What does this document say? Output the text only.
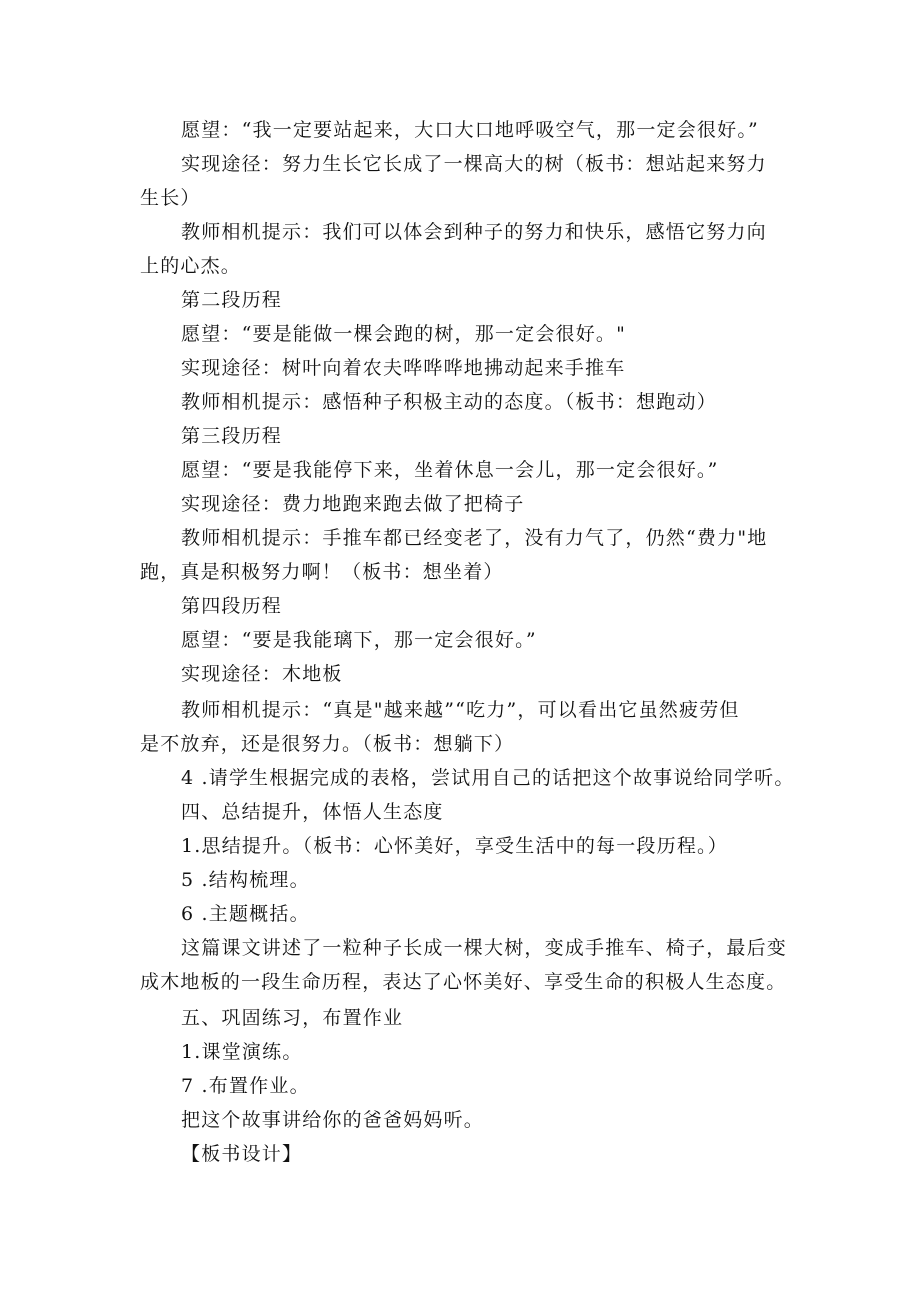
愿望：“我一定要站起来，大口大口地呼吸空气，那一定会很好。”
实现途径：努力生长它长成了一棵高大的树（板书：想站起来努力
生长）
教师相机提示：我们可以体会到种子的努力和快乐，感悟它努力向
上的心杰。
第二段历程
愿望：“要是能做一棵会跑的树，那一定会很好。"
实现途径：树叶向着农夫哗哗哗地拂动起来手推车
教师相机提示：感悟种子积极主动的态度。（板书：想跑动）
第三段历程
愿望：“要是我能停下来，坐着休息一会儿，那一定会很好。”
实现途径：费力地跑来跑去做了把椅子
教师相机提示：手推车都已经变老了，没有力气了，仍然“费力"地
跑，真是积极努力啊！（板书：想坐着）
第四段历程
愿望：“要是我能璃下，那一定会很好。”
实现途径：木地板
教师相机提示：“真是"越来越”“吃力”，可以看出它虽然疲劳但
是不放弃，还是很努力。（板书：想躺下）
4 .请学生根据完成的表格，尝试用自己的话把这个故事说给同学听。
四、总结提升，体悟人生态度
1.思结提升。（板书：心怀美好，享受生活中的每一段历程。）
5 .结构梳理。
6 .主题概括。
这篇课文讲述了一粒种子长成一棵大树，变成手推车、椅子，最后变
成木地板的一段生命历程，表达了心怀美好、享受生命的积极人生态度。
五、巩固练习，布置作业
1.课堂演练。
7 .布置作业。
把这个故事讲给你的爸爸妈妈听。
【板书设计】
